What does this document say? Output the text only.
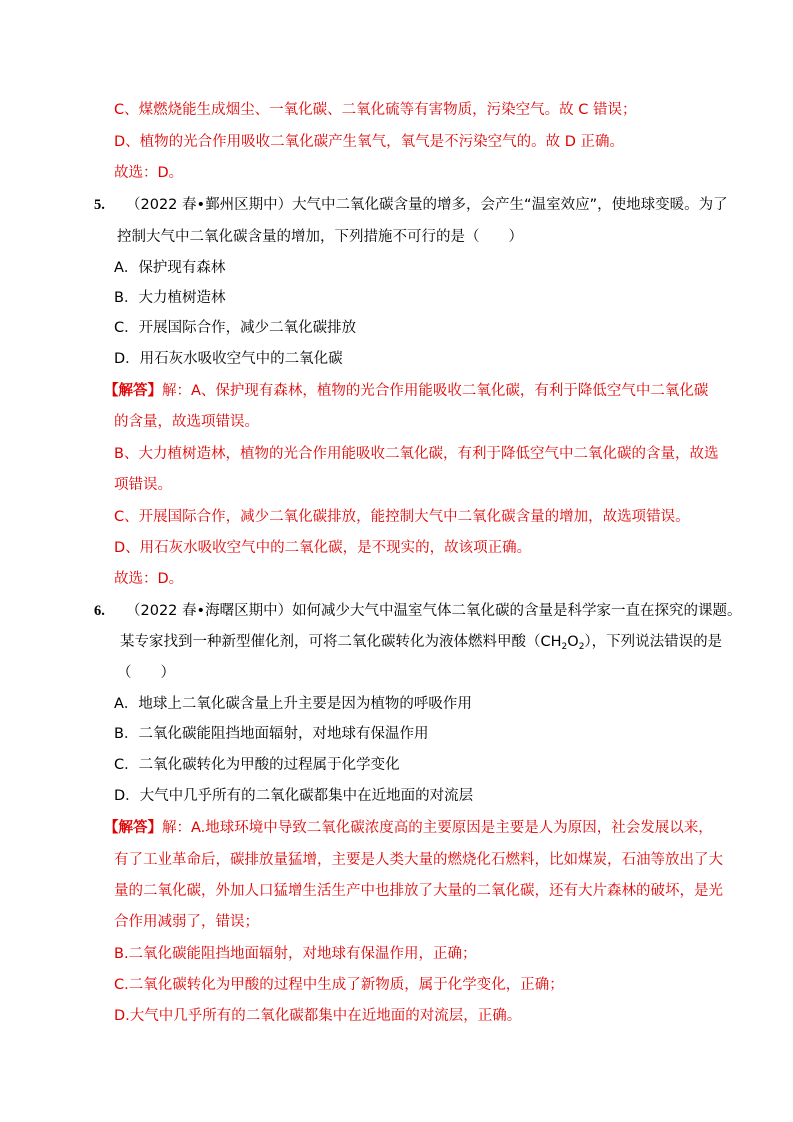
C、煤燃烧能生成烟尘、一氧化碳、二氧化硫等有害物质，污染空气。故 C 错误；
D、植物的光合作用吸收二氧化碳产生氧气，氧气是不污染空气的。故 D 正确。
故选：D。
5. （2022 春•鄞州区期中）大气中二氧化碳含量的增多，会产生“温室效应”，使地球变暖。为了
控制大气中二氧化碳含量的增加，下列措施不可行的是（　　）
A．保护现有森林
B．大力植树造林
C．开展国际合作，减少二氧化碳排放
D．用石灰水吸收空气中的二氧化碳
【解答】解：A、保护现有森林，植物的光合作用能吸收二氧化碳，有利于降低空气中二氧化碳
的含量，故选项错误。
B、大力植树造林，植物的光合作用能吸收二氧化碳，有利于降低空气中二氧化碳的含量，故选
项错误。
C、开展国际合作，减少二氧化碳排放，能控制大气中二氧化碳含量的增加，故选项错误。
D、用石灰水吸收空气中的二氧化碳，是不现实的，故该项正确。
故选：D。
6. （2022 春•海曙区期中）如何减少大气中温室气体二氧化碳的含量是科学家一直在探究的课题。
某专家找到一种新型催化剂，可将二氧化碳转化为液体燃料甲酸$(CH_2O_2)$，下列说法错误的是
（　　）
A．地球上二氧化碳含量上升主要是因为植物的呼吸作用
B．二氧化碳能阻挡地面辐射，对地球有保温作用
C．二氧化碳转化为甲酸的过程属于化学变化
D．大气中几乎所有的二氧化碳都集中在近地面的对流层
【解答】解：A.地球环境中导致二氧化碳浓度高的主要原因是主要是人为原因，社会发展以来，
有了工业革命后，碳排放量猛增，主要是人类大量的燃烧化石燃料，比如煤炭，石油等放出了大
量的二氧化碳，外加人口猛增生活生产中也排放了大量的二氧化碳，还有大片森林的破坏，是光
合作用减弱了，错误；
B.二氧化碳能阻挡地面辐射，对地球有保温作用，正确；
C.二氧化碳转化为甲酸的过程中生成了新物质，属于化学变化，正确；
D.大气中几乎所有的二氧化碳都集中在近地面的对流层，正确。
